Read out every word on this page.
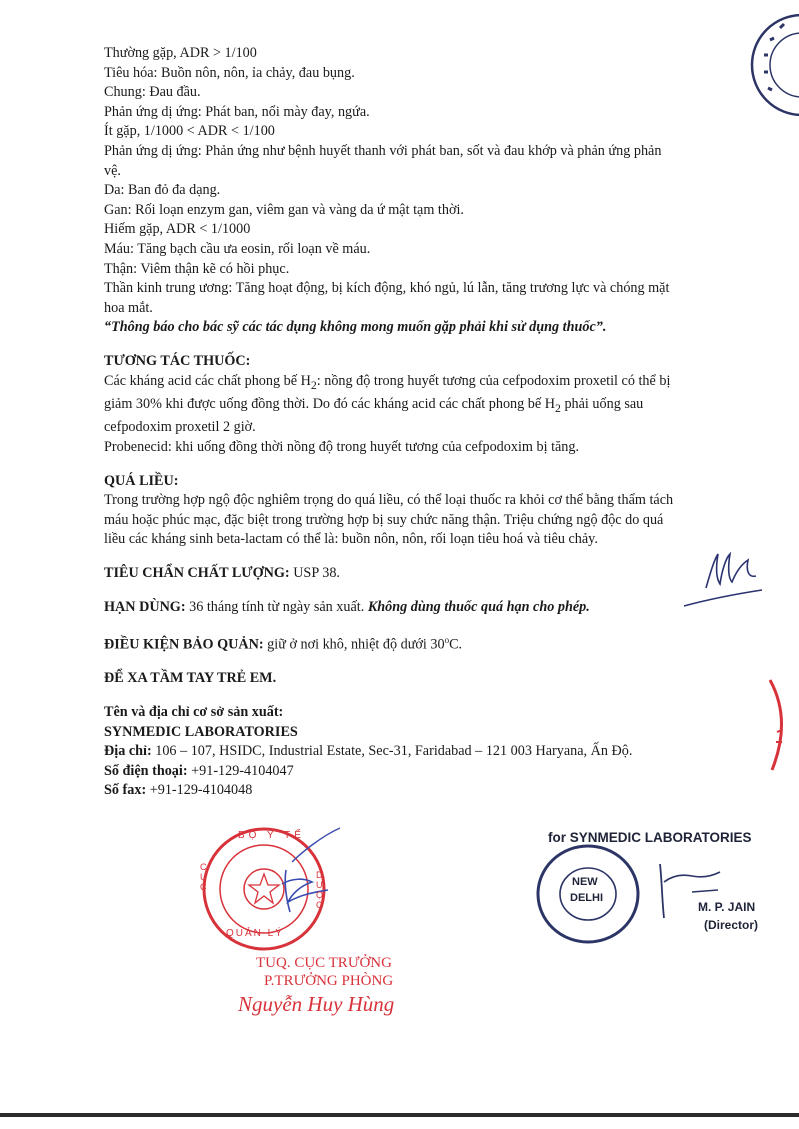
Thường gặp, ADR > 1/100

Tiêu hóa: Buồn nôn, nôn, ỉa chảy, đau bụng.

Chung: Đau đầu.

Phản ứng dị ứng: Phát ban, nổi mày đay, ngứa.

Ít gặp, 1/1000 < ADR < 1/100

Phản ứng dị ứng: Phản ứng như bệnh huyết thanh với phát ban, sốt và đau khớp và phản ứng phản

vệ.

Da: Ban đỏ đa dạng.

Gan: Rối loạn enzym gan, viêm gan và vàng da ứ mật tạm thời.

Hiếm gặp, ADR < 1/1000

Máu: Tăng bạch cầu ưa eosin, rối loạn về máu.

Thận: Viêm thận kẽ có hồi phục.

Thần kinh trung ương: Tăng hoạt động, bị kích động, khó ngủ, lú lẫn, tăng trương lực và chóng mặt

hoa mắt.

“Thông báo cho bác sỹ các tác dụng không mong muốn gặp phải khi sử dụng thuốc”.

TƯƠNG TÁC THUỐC:

Các kháng acid các chất phong bế $H_2$: nồng độ trong huyết tương của cefpodoxim proxetil có thể bị

giảm 30% khi được uống đồng thời. Do đó các kháng acid các chất phong bế $H_2$ phải uống sau

cefpodoxim proxetil 2 giờ.

Probenecid: khi uống đồng thời nồng độ trong huyết tương của cefpodoxim bị tăng.

QUÁ LIỀU:

Trong trường hợp ngộ độc nghiêm trọng do quá liều, có thể loại thuốc ra khỏi cơ thể bằng thẩm tách

máu hoặc phúc mạc, đặc biệt trong trường hợp bị suy chức năng thận. Triệu chứng ngộ độc do quá

liều các kháng sinh beta-lactam có thể là: buồn nôn, nôn, rối loạn tiêu hoá và tiêu chảy.

TIÊU CHẨN CHẤT LƯỢNG: USP 38.

HẠN DÙNG: 36 tháng tính từ ngày sản xuất. Không dùng thuốc quá hạn cho phép.

ĐIỀU KIỆN BẢO QUẢN: giữ ở nơi khô, nhiệt độ dưới 30$^o$C.

ĐỂ XA TẦM TAY TRẺ EM.

Tên và địa chỉ cơ sở sản xuất:

SYNMEDIC LABORATORIES

Địa chỉ: 106 – 107, HSIDC, Industrial Estate, Sec-31, Faridabad – 121 003 Haryana, Ấn Độ.

Số điện thoại: +91-129-4104047

Số fax: +91-129-4104048

BỘ Y TẾ
CỤC
QUẢN LÝ
DƯỢC
TUQ. CỤC TRƯỞNG
P.TRƯỞNG PHÒNG
Nguyễn Huy Hùng
for SYNMEDIC LABORATORIES
NEW
DELHI
M. P. JAIN
(Director)
